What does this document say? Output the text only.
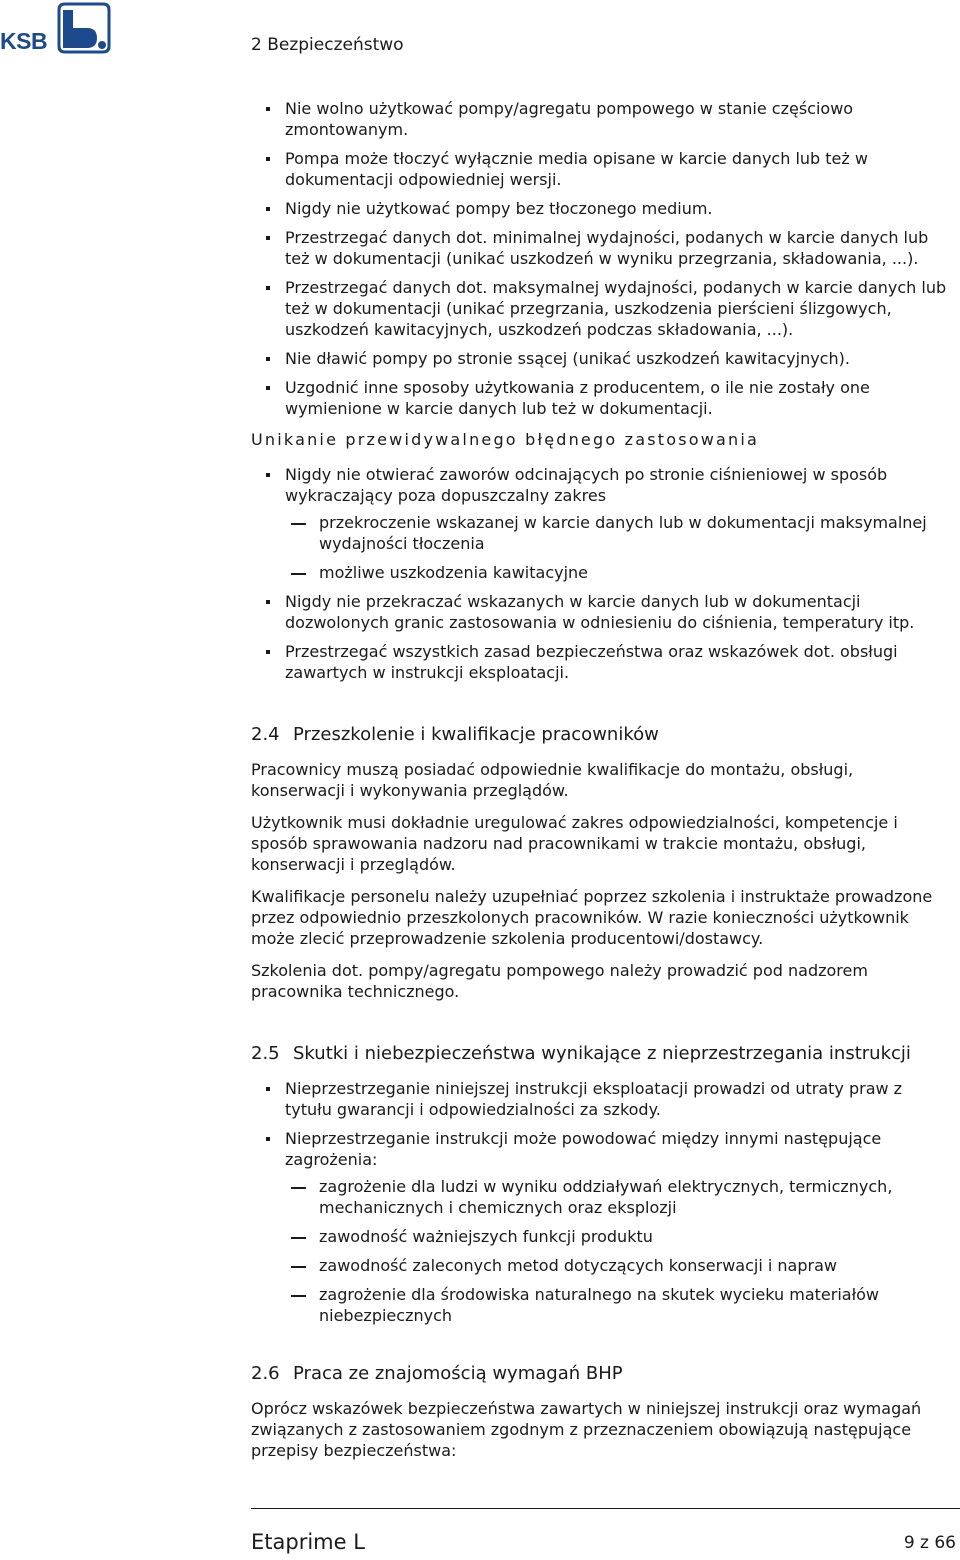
KSB	2 Bezpieczeństwo
Nie wolno użytkować pompy/agregatu pompowego w stanie częściowo zmontowanym.
Pompa może tłoczyć wyłącznie media opisane w karcie danych lub też w dokumentacji odpowiedniej wersji.
Nigdy nie użytkować pompy bez tłoczonego medium.
Przestrzegać danych dot. minimalnej wydajności, podanych w karcie danych lub też w dokumentacji (unikać uszkodzeń w wyniku przegrzania, składowania, ...).
Przestrzegać danych dot. maksymalnej wydajności, podanych w karcie danych lub też w dokumentacji (unikać przegrzania, uszkodzenia pierścieni ślizgowych, uszkodzeń kawitacyjnych, uszkodzeń podczas składowania, ...).
Nie dławić pompy po stronie ssącej (unikać uszkodzeń kawitacyjnych).
Uzgodnić inne sposoby użytkowania z producentem, o ile nie zostały one wymienione w karcie danych lub też w dokumentacji.
Unikanie przewidywalnego błędnego zastosowania
Nigdy nie otwierać zaworów odcinających po stronie ciśnieniowej w sposób wykraczający poza dopuszczalny zakres
przekroczenie wskazanej w karcie danych lub w dokumentacji maksymalnej wydajności tłoczenia
możliwe uszkodzenia kawitacyjne
Nigdy nie przekraczać wskazanych w karcie danych lub w dokumentacji dozwolonych granic zastosowania w odniesieniu do ciśnienia, temperatury itp.
Przestrzegać wszystkich zasad bezpieczeństwa oraz wskazówek dot. obsługi zawartych w instrukcji eksploatacji.
2.4 Przeszkolenie i kwalifikacje pracowników

Pracownicy muszą posiadać odpowiednie kwalifikacje do montażu, obsługi, konserwacji i wykonywania przeglądów.

Użytkownik musi dokładnie uregulować zakres odpowiedzialności, kompetencje i sposób sprawowania nadzoru nad pracownikami w trakcie montażu, obsługi, konserwacji i przeglądów.

Kwalifikacje personelu należy uzupełniać poprzez szkolenia i instruktaże prowadzone przez odpowiednio przeszkolonych pracowników. W razie konieczności użytkownik może zlecić przeprowadzenie szkolenia producentowi/dostawcy.

Szkolenia dot. pompy/agregatu pompowego należy prowadzić pod nadzorem pracownika technicznego.

2.5 Skutki i niebezpieczeństwa wynikające z nieprzestrzegania instrukcji
Nieprzestrzeganie niniejszej instrukcji eksploatacji prowadzi od utraty praw z tytułu gwarancji i odpowiedzialności za szkody.
Nieprzestrzeganie instrukcji może powodować między innymi następujące zagrożenia:
zagrożenie dla ludzi w wyniku oddziaływań elektrycznych, termicznych, mechanicznych i chemicznych oraz eksplozji
zawodność ważniejszych funkcji produktu
zawodność zaleconych metod dotyczących konserwacji i napraw
zagrożenie dla środowiska naturalnego na skutek wycieku materiałów niebezpiecznych
2.6 Praca ze znajomością wymagań BHP

Oprócz wskazówek bezpieczeństwa zawartych w niniejszej instrukcji oraz wymagań związanych z zastosowaniem zgodnym z przeznaczeniem obowiązują następujące przepisy bezpieczeństwa:

Etaprime L	9 z 66
